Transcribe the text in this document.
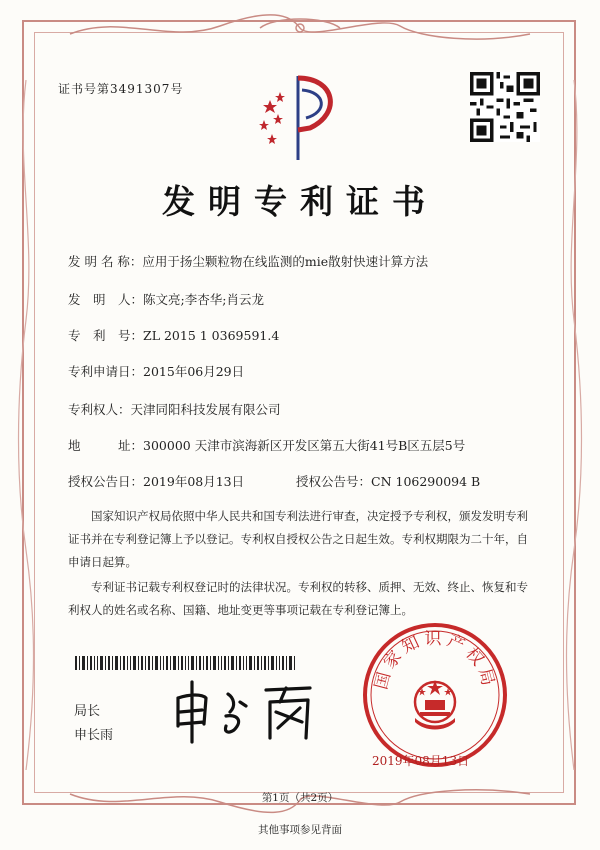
证书号第3491307号
发明专利证书
发 明 名 称：应用于扬尘颗粒物在线监测的mie散射快速计算方法
发　明　人：陈文亮;李杏华;肖云龙
专　利　号：ZL 2015 1 0369591.4
专利申请日：2015年06月29日
专利权人：天津同阳科技发展有限公司
地　　　址：300000 天津市滨海新区开发区第五大街41号B区五层5号
授权公告日：2019年08月13日	授权公告号：CN 106290094 B
国家知识产权局依照中华人民共和国专利法进行审查，决定授予专利权，颁发发明专利证书并在专利登记簿上予以登记。专利权自授权公告之日起生效。专利权期限为二十年，自申请日起算。
专利证书记载专利权登记时的法律状况。专利权的转移、质押、无效、终止、恢复和专利权人的姓名或名称、国籍、地址变更等事项记载在专利登记簿上。
局长
申长雨
国家知识产权局
2019年08月13日
第1页（共2页）
其他事项参见背面
